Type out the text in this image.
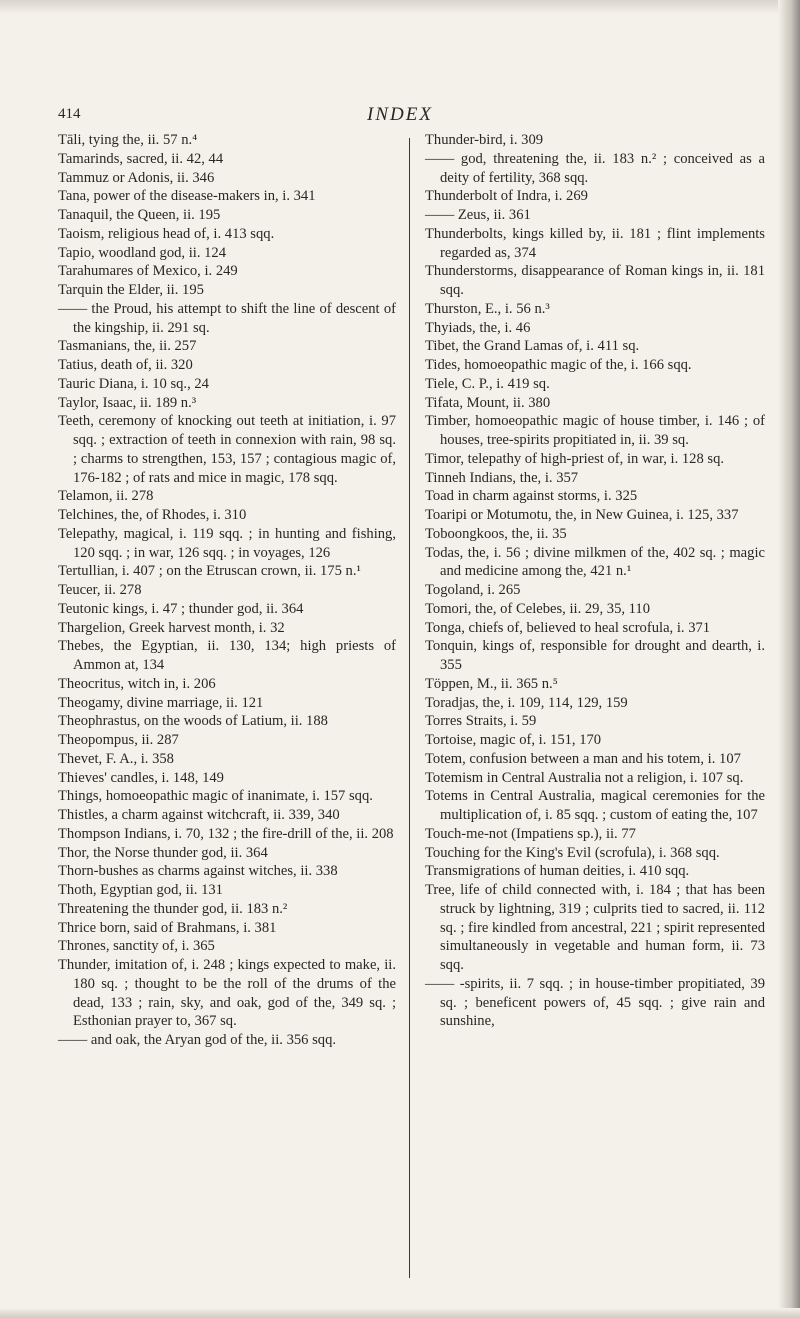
414	INDEX

Tāli, tying the, ii. 57 n.⁴

Tamarinds, sacred, ii. 42, 44

Tammuz or Adonis, ii. 346

Tana, power of the disease-makers in, i. 341

Tanaquil, the Queen, ii. 195

Taoism, religious head of, i. 413 sqq.

Tapio, woodland god, ii. 124

Tarahumares of Mexico, i. 249

Tarquin the Elder, ii. 195

—— the Proud, his attempt to shift the line of descent of the kingship, ii. 291 sq.

Tasmanians, the, ii. 257

Tatius, death of, ii. 320

Tauric Diana, i. 10 sq., 24

Taylor, Isaac, ii. 189 n.³

Teeth, ceremony of knocking out teeth at initiation, i. 97 sqq. ; extraction of teeth in connexion with rain, 98 sq. ; charms to strengthen, 153, 157 ; contagious magic of, 176-182 ; of rats and mice in magic, 178 sqq.

Telamon, ii. 278

Telchines, the, of Rhodes, i. 310

Telepathy, magical, i. 119 sqq. ; in hunting and fishing, 120 sqq. ; in war, 126 sqq. ; in voyages, 126

Tertullian, i. 407 ; on the Etruscan crown, ii. 175 n.¹

Teucer, ii. 278

Teutonic kings, i. 47 ; thunder god, ii. 364

Thargelion, Greek harvest month, i. 32

Thebes, the Egyptian, ii. 130, 134; high priests of Ammon at, 134

Theocritus, witch in, i. 206

Theogamy, divine marriage, ii. 121

Theophrastus, on the woods of Latium, ii. 188

Theopompus, ii. 287

Thevet, F. A., i. 358

Thieves' candles, i. 148, 149

Things, homoeopathic magic of inanimate, i. 157 sqq.

Thistles, a charm against witchcraft, ii. 339, 340

Thompson Indians, i. 70, 132 ; the fire-drill of the, ii. 208

Thor, the Norse thunder god, ii. 364

Thorn-bushes as charms against witches, ii. 338

Thoth, Egyptian god, ii. 131

Threatening the thunder god, ii. 183 n.²

Thrice born, said of Brahmans, i. 381

Thrones, sanctity of, i. 365

Thunder, imitation of, i. 248 ; kings expected to make, ii. 180 sq. ; thought to be the roll of the drums of the dead, 133 ; rain, sky, and oak, god of the, 349 sq. ; Esthonian prayer to, 367 sq.

—— and oak, the Aryan god of the, ii. 356 sqq.

Thunder-bird, i. 309

—— god, threatening the, ii. 183 n.² ; conceived as a deity of fertility, 368 sqq.

Thunderbolt of Indra, i. 269

—— Zeus, ii. 361

Thunderbolts, kings killed by, ii. 181 ; flint implements regarded as, 374

Thunderstorms, disappearance of Roman kings in, ii. 181 sqq.

Thurston, E., i. 56 n.³

Thyiads, the, i. 46

Tibet, the Grand Lamas of, i. 411 sq.

Tides, homoeopathic magic of the, i. 166 sqq.

Tiele, C. P., i. 419 sq.

Tifata, Mount, ii. 380

Timber, homoeopathic magic of house timber, i. 146 ; of houses, tree-spirits propitiated in, ii. 39 sq.

Timor, telepathy of high-priest of, in war, i. 128 sq.

Tinneh Indians, the, i. 357

Toad in charm against storms, i. 325

Toaripi or Motumotu, the, in New Guinea, i. 125, 337

Toboongkoos, the, ii. 35

Todas, the, i. 56 ; divine milkmen of the, 402 sq. ; magic and medicine among the, 421 n.¹

Togoland, i. 265

Tomori, the, of Celebes, ii. 29, 35, 110

Tonga, chiefs of, believed to heal scrofula, i. 371

Tonquin, kings of, responsible for drought and dearth, i. 355

Töppen, M., ii. 365 n.⁵

Toradjas, the, i. 109, 114, 129, 159

Torres Straits, i. 59

Tortoise, magic of, i. 151, 170

Totem, confusion between a man and his totem, i. 107

Totemism in Central Australia not a religion, i. 107 sq.

Totems in Central Australia, magical ceremonies for the multiplication of, i. 85 sqq. ; custom of eating the, 107

Touch-me-not (Impatiens sp.), ii. 77

Touching for the King's Evil (scrofula), i. 368 sqq.

Transmigrations of human deities, i. 410 sqq.

Tree, life of child connected with, i. 184 ; that has been struck by lightning, 319 ; culprits tied to sacred, ii. 112 sq. ; fire kindled from ancestral, 221 ; spirit represented simultaneously in vegetable and human form, ii. 73 sqq.

—— -spirits, ii. 7 sqq. ; in house-timber propitiated, 39 sq. ; beneficent powers of, 45 sqq. ; give rain and sunshine,
